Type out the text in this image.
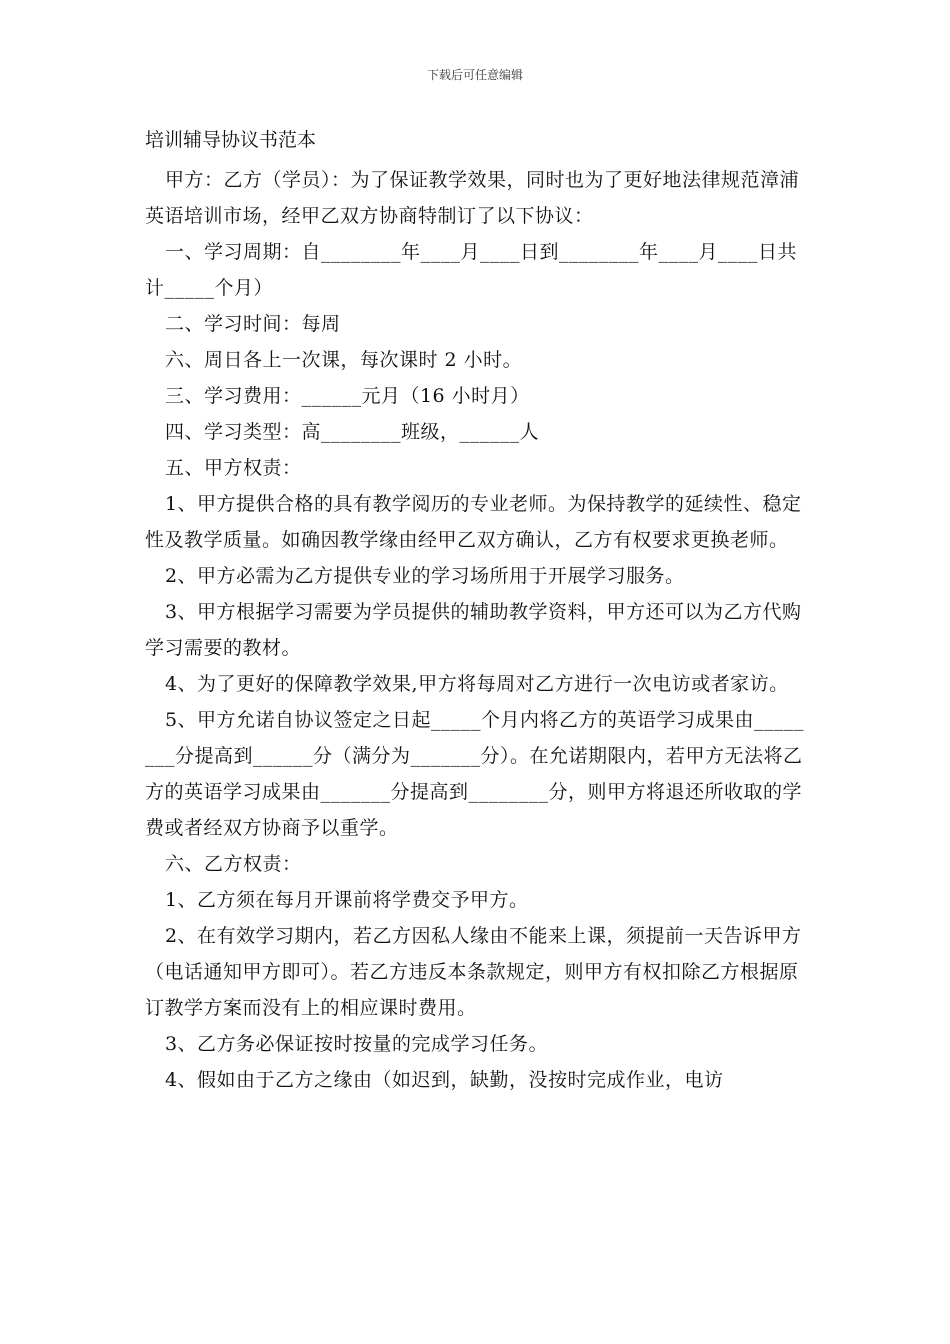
下载后可任意编辑
培训辅导协议书范本

甲方：乙方（学员）：为了保证教学效果，同时也为了更好地法律规范漳浦英语培训市场，经甲乙双方协商特制订了以下协议：

一、学习周期：自________年____月____日到________年____月____日共计_____个月）

二、学习时间：每周

六、周日各上一次课，每次课时 2 小时。

三、学习费用：______元月（16 小时月）

四、学习类型：高________班级，______人

五、甲方权责：

1、甲方提供合格的具有教学阅历的专业老师。为保持教学的延续性、稳定性及教学质量。如确因教学缘由经甲乙双方确认，乙方有权要求更换老师。

2、甲方必需为乙方提供专业的学习场所用于开展学习服务。

3、甲方根据学习需要为学员提供的辅助教学资料，甲方还可以为乙方代购学习需要的教材。

4、为了更好的保障教学效果,甲方将每周对乙方进行一次电访或者家访。

5、甲方允诺自协议签定之日起_____个月内将乙方的英语学习成果由________分提高到______分（满分为_______分）。在允诺期限内，若甲方无法将乙方的英语学习成果由_______分提高到________分，则甲方将退还所收取的学费或者经双方协商予以重学。

六、乙方权责：

1、乙方须在每月开课前将学费交予甲方。

2、在有效学习期内，若乙方因私人缘由不能来上课，须提前一天告诉甲方（电话通知甲方即可）。若乙方违反本条款规定，则甲方有权扣除乙方根据原订教学方案而没有上的相应课时费用。

3、乙方务必保证按时按量的完成学习任务。

4、假如由于乙方之缘由（如迟到，缺勤，没按时完成作业，电访
